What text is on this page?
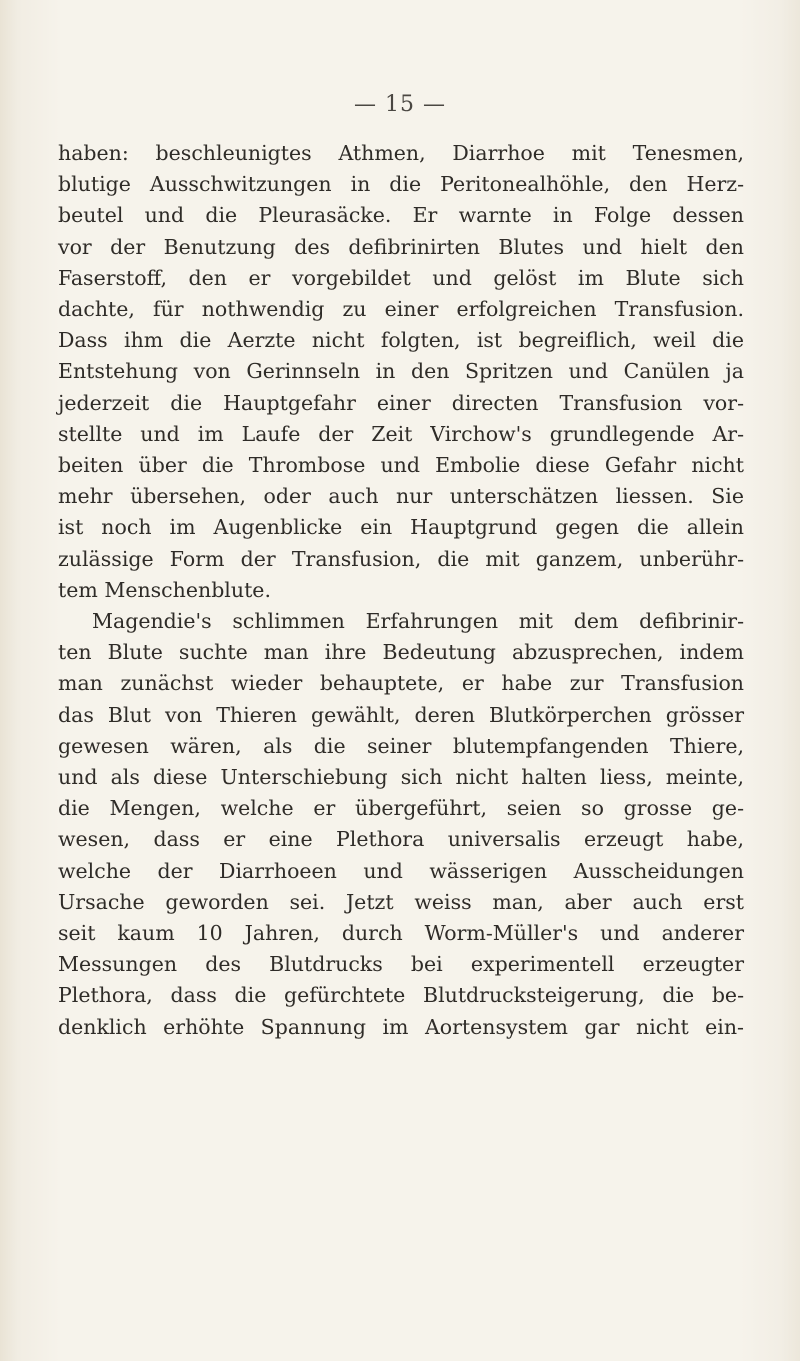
— 15 —
haben: beschleunigtes Athmen, Diarrhoe mit Tenesmen,
blutige Ausschwitzungen in die Peritonealhöhle, den Herz-
beutel und die Pleurasäcke. Er warnte in Folge dessen
vor der Benutzung des defibrinirten Blutes und hielt den
Faserstoff, den er vorgebildet und gelöst im Blute sich
dachte, für nothwendig zu einer erfolgreichen Transfusion.
Dass ihm die Aerzte nicht folgten, ist begreiflich, weil die
Entstehung von Gerinnseln in den Spritzen und Canülen ja
jederzeit die Hauptgefahr einer directen Transfusion vor-
stellte und im Laufe der Zeit Virchow's grundlegende Ar-
beiten über die Thrombose und Embolie diese Gefahr nicht
mehr übersehen, oder auch nur unterschätzen liessen. Sie
ist noch im Augenblicke ein Hauptgrund gegen die allein
zulässige Form der Transfusion, die mit ganzem, unberühr-
tem Menschenblute.
Magendie's schlimmen Erfahrungen mit dem defibrinir-
ten Blute suchte man ihre Bedeutung abzusprechen, indem
man zunächst wieder behauptete, er habe zur Transfusion
das Blut von Thieren gewählt, deren Blutkörperchen grösser
gewesen wären, als die seiner blutempfangenden Thiere,
und als diese Unterschiebung sich nicht halten liess, meinte,
die Mengen, welche er übergeführt, seien so grosse ge-
wesen, dass er eine Plethora universalis erzeugt habe,
welche der Diarrhoeen und wässerigen Ausscheidungen
Ursache geworden sei. Jetzt weiss man, aber auch erst
seit kaum 10 Jahren, durch Worm-Müller's und anderer
Messungen des Blutdrucks bei experimentell erzeugter
Plethora, dass die gefürchtete Blutdrucksteigerung, die be-
denklich erhöhte Spannung im Aortensystem gar nicht ein-
